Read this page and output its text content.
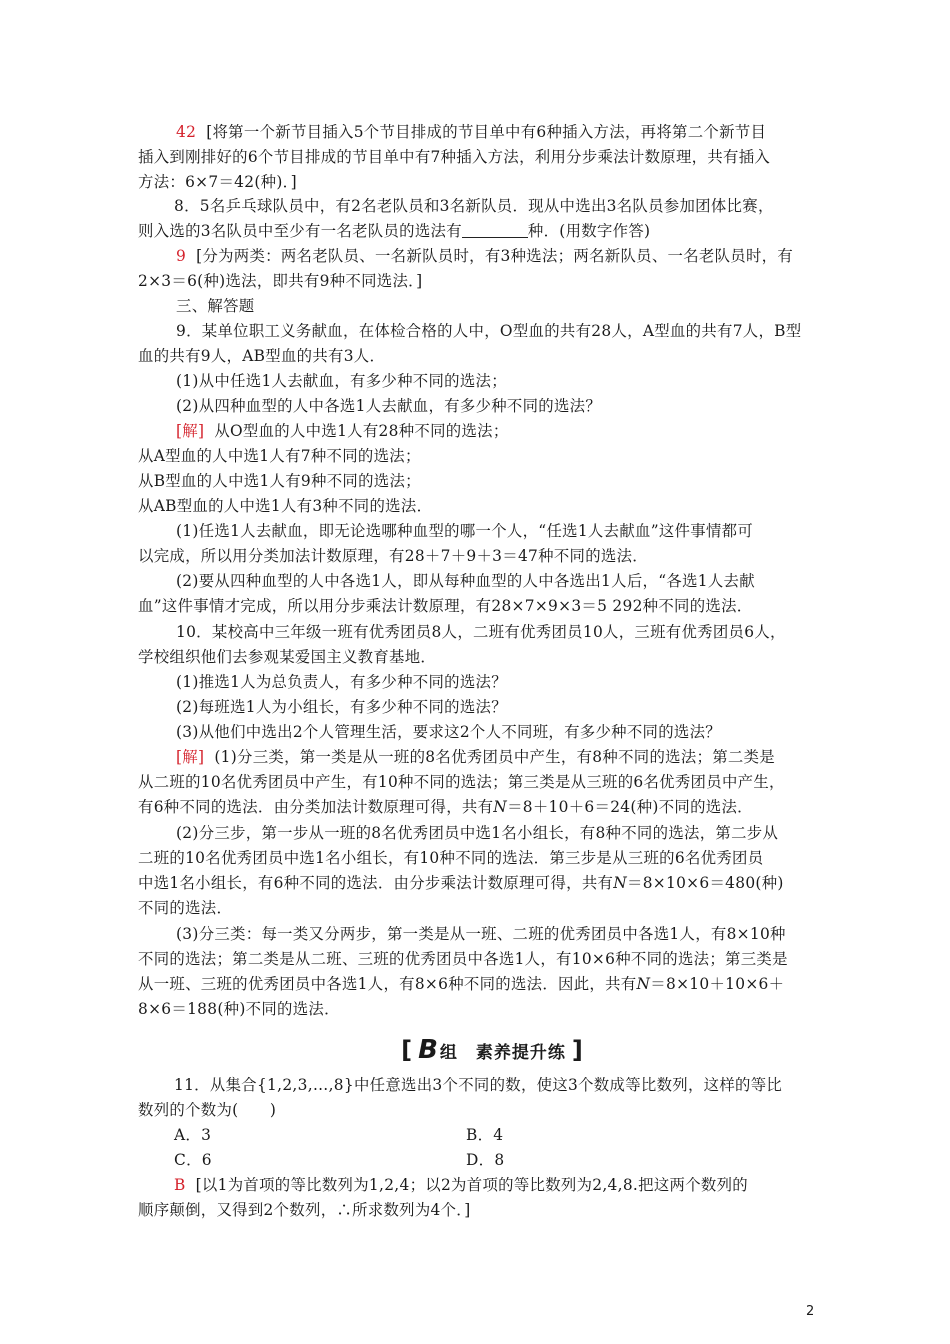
42 [将第一个新节目插入5个节目排成的节目单中有6种插入方法，再将第二个新节目

插入到刚排好的6个节目排成的节目单中有7种插入方法，利用分步乘法计数原理，共有插入

方法：6×7＝42(种)．]

8．5名乒乓球队员中，有2名老队员和3名新队员．现从中选出3名队员参加团体比赛，

则入选的3名队员中至少有一名老队员的选法有	种．(用数字作答)

9 [分为两类：两名老队员、一名新队员时，有3种选法；两名新队员、一名老队员时，有

2×3＝6(种)选法，即共有9种不同选法．]

三、解答题

9．某单位职工义务献血，在体检合格的人中，O型血的共有28人，A型血的共有7人，B型

血的共有9人，AB型血的共有3人．

(1)从中任选1人去献血，有多少种不同的选法；

(2)从四种血型的人中各选1人去献血，有多少种不同的选法？

[解] 从O型血的人中选1人有28种不同的选法；

从A型血的人中选1人有7种不同的选法；

从B型血的人中选1人有9种不同的选法；

从AB型血的人中选1人有3种不同的选法．

(1)任选1人去献血，即无论选哪种血型的哪一个人，“任选1人去献血”这件事情都可

以完成，所以用分类加法计数原理，有28＋7＋9＋3＝47种不同的选法．

(2)要从四种血型的人中各选1人，即从每种血型的人中各选出1人后，“各选1人去献

血”这件事情才完成，所以用分步乘法计数原理，有28×7×9×3＝5 292种不同的选法．

10．某校高中三年级一班有优秀团员8人，二班有优秀团员10人，三班有优秀团员6人，

学校组织他们去参观某爱国主义教育基地．

(1)推选1人为总负责人，有多少种不同的选法？

(2)每班选1人为小组长，有多少种不同的选法？

(3)从他们中选出2个人管理生活，要求这2个人不同班，有多少种不同的选法？

[解] (1)分三类，第一类是从一班的8名优秀团员中产生，有8种不同的选法；第二类是

从二班的10名优秀团员中产生，有10种不同的选法；第三类是从三班的6名优秀团员中产生，

有6种不同的选法．由分类加法计数原理可得，共有N＝8＋10＋6＝24(种)不同的选法．

(2)分三步，第一步从一班的8名优秀团员中选1名小组长，有8种不同的选法，第二步从

二班的10名优秀团员中选1名小组长，有10种不同的选法．第三步是从三班的6名优秀团员

中选1名小组长，有6种不同的选法．由分步乘法计数原理可得，共有N＝8×10×6＝480(种)

不同的选法．

(3)分三类：每一类又分两步，第一类是从一班、二班的优秀团员中各选1人，有8×10种

不同的选法；第二类是从二班、三班的优秀团员中各选1人，有10×6种不同的选法；第三类是

从一班、三班的优秀团员中各选1人，有8×6种不同的选法．因此，共有N＝8×10＋10×6＋

8×6＝188(种)不同的选法．

[ B 组　素养提升练 ]

11．从集合{1,2,3,…,8}中任意选出3个不同的数，使这3个数成等比数列，这样的等比

数列的个数为(　　)

A．3	B．4
C．6	D．8

B [以1为首项的等比数列为1,2,4；以2为首项的等比数列为2,4,8.把这两个数列的

顺序颠倒，又得到2个数列，∴所求数列为4个．]

2
